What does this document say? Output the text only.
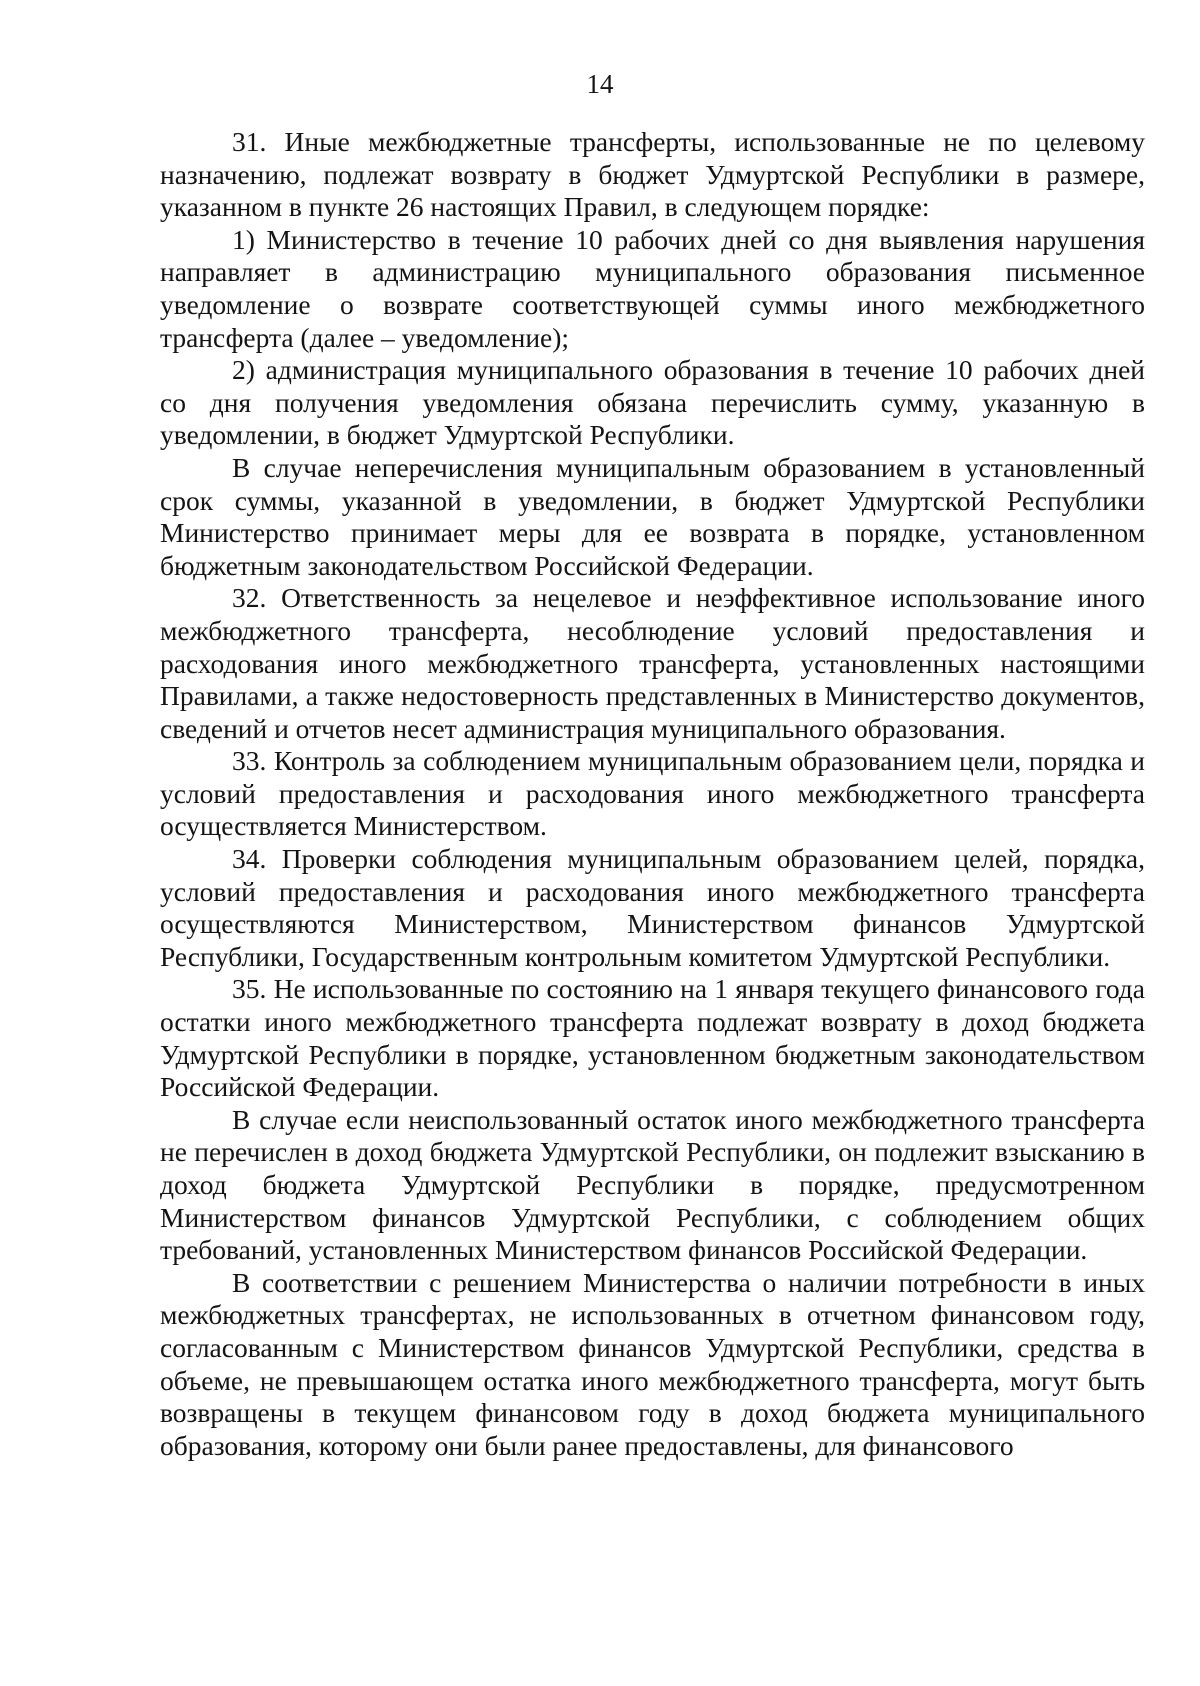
14

31. Иные межбюджетные трансферты, использованные не по целевому назначению, подлежат возврату в бюджет Удмуртской Республики в размере, указанном в пункте 26 настоящих Правил, в следующем порядке:

1) Министерство в течение 10 рабочих дней со дня выявления нарушения направляет в администрацию муниципального образования письменное уведомление о возврате соответствующей суммы иного межбюджетного трансферта (далее – уведомление);

2) администрация муниципального образования в течение 10 рабочих дней со дня получения уведомления обязана перечислить сумму, указанную в уведомлении, в бюджет Удмуртской Республики.

В случае неперечисления муниципальным образованием в установленный срок суммы, указанной в уведомлении, в бюджет Удмуртской Республики Министерство принимает меры для ее возврата в порядке, установленном бюджетным законодательством Российской Федерации.

32. Ответственность за нецелевое и неэффективное использование иного межбюджетного трансферта, несоблюдение условий предоставления и расходования иного межбюджетного трансферта, установленных настоящими Правилами, а также недостоверность представленных в Министерство документов, сведений и отчетов несет администрация муниципального образования.

33. Контроль за соблюдением муниципальным образованием цели, порядка и условий предоставления и расходования иного межбюджетного трансферта осуществляется Министерством.

34. Проверки соблюдения муниципальным образованием целей, порядка, условий предоставления и расходования иного межбюджетного трансферта осуществляются Министерством, Министерством финансов Удмуртской Республики, Государственным контрольным комитетом Удмуртской Республики.

35. Не использованные по состоянию на 1 января текущего финансового года остатки иного межбюджетного трансферта подлежат возврату в доход бюджета Удмуртской Республики в порядке, установленном бюджетным законодательством Российской Федерации.

В случае если неиспользованный остаток иного межбюджетного трансферта не перечислен в доход бюджета Удмуртской Республики, он подлежит взысканию в доход бюджета Удмуртской Республики в порядке, предусмотренном Министерством финансов Удмуртской Республики, с соблюдением общих требований, установленных Министерством финансов Российской Федерации.

В соответствии с решением Министерства о наличии потребности в иных межбюджетных трансфертах, не использованных в отчетном финансовом году, согласованным с Министерством финансов Удмуртской Республики, средства в объеме, не превышающем остатка иного межбюджетного трансферта, могут быть возвращены в текущем финансовом году в доход бюджета муниципального образования, которому они были ранее предоставлены, для финансового
